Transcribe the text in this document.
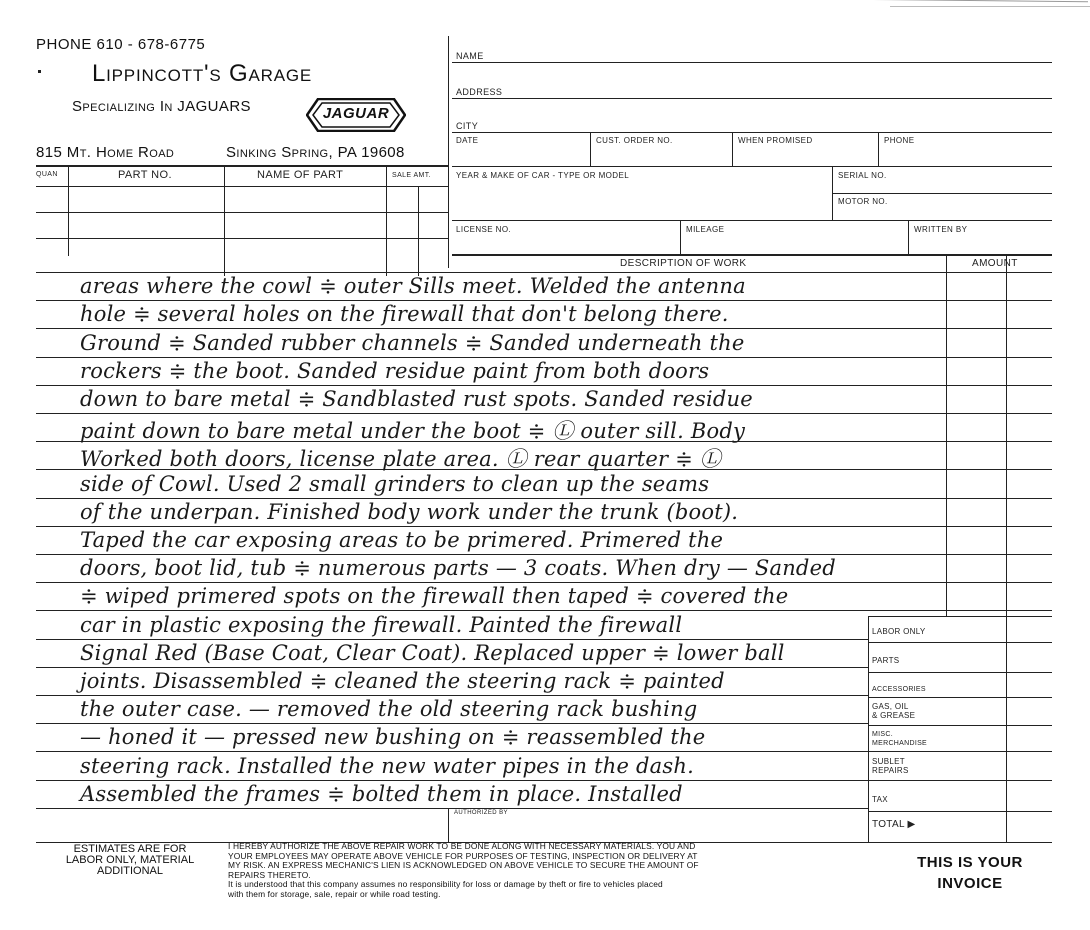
PHONE 610 - 678-6775
Lippincott's Garage
Specializing In JAGUARS	JAGUAR
815 Mt. Home Road	Sinking Spring, PA 19608
QUAN	PART NO.	NAME OF PART	SALE AMT.
NAME
ADDRESS
CITY
DATE	CUST. ORDER NO.	WHEN PROMISED	PHONE
YEAR & MAKE OF CAR - TYPE OR MODEL	SERIAL NO.
MOTOR NO.
LICENSE NO.	MILEAGE	WRITTEN BY
DESCRIPTION OF WORK	AMOUNT
areas where the cowl ≑ outer Sills meet. Welded the antenna
hole ≑ several holes on the firewall that don't belong there.
Ground ≑ Sanded rubber channels ≑ Sanded underneath the
rockers ≑ the boot. Sanded residue paint from both doors
down to bare metal ≑ Sandblasted rust spots. Sanded residue
paint down to bare metal under the boot ≑ Ⓛ outer sill. Body
Worked both doors, license plate area. Ⓛ rear quarter ≑ Ⓛ
side of Cowl. Used 2 small grinders to clean up the seams
of the underpan. Finished body work under the trunk (boot).
Taped the car exposing areas to be primered. Primered the
doors, boot lid, tub ≑ numerous parts — 3 coats. When dry — Sanded
≑ wiped primered spots on the firewall then taped ≑ covered the
car in plastic exposing the firewall. Painted the firewall
Signal Red (Base Coat, Clear Coat). Replaced upper ≑ lower ball
joints. Disassembled ≑ cleaned the steering rack ≑ painted
the outer case. — removed the old steering rack bushing
— honed it — pressed new bushing on ≑ reassembled the
steering rack. Installed the new water pipes in the dash.
Assembled the frames ≑ bolted them in place. Installed
LABOR ONLY
PARTS
ACCESSORIES
GAS, OIL
& GREASE
MISC.
MERCHANDISE
SUBLET
REPAIRS
TAX
TOTAL ▶
AUTHORIZED BY
ESTIMATES ARE FOR
LABOR ONLY, MATERIAL
ADDITIONAL
I HEREBY AUTHORIZE THE ABOVE REPAIR WORK TO BE DONE ALONG WITH NECESSARY MATERIALS. YOU AND
YOUR EMPLOYEES MAY OPERATE ABOVE VEHICLE FOR PURPOSES OF TESTING, INSPECTION OR DELIVERY AT
MY RISK. AN EXPRESS MECHANIC'S LIEN IS ACKNOWLEDGED ON ABOVE VEHICLE TO SECURE THE AMOUNT OF
REPAIRS THERETO.
It is understood that this company assumes no responsibility for loss or damage by theft or fire to vehicles placed
with them for storage, sale, repair or while road testing.
THIS IS YOUR
INVOICE
